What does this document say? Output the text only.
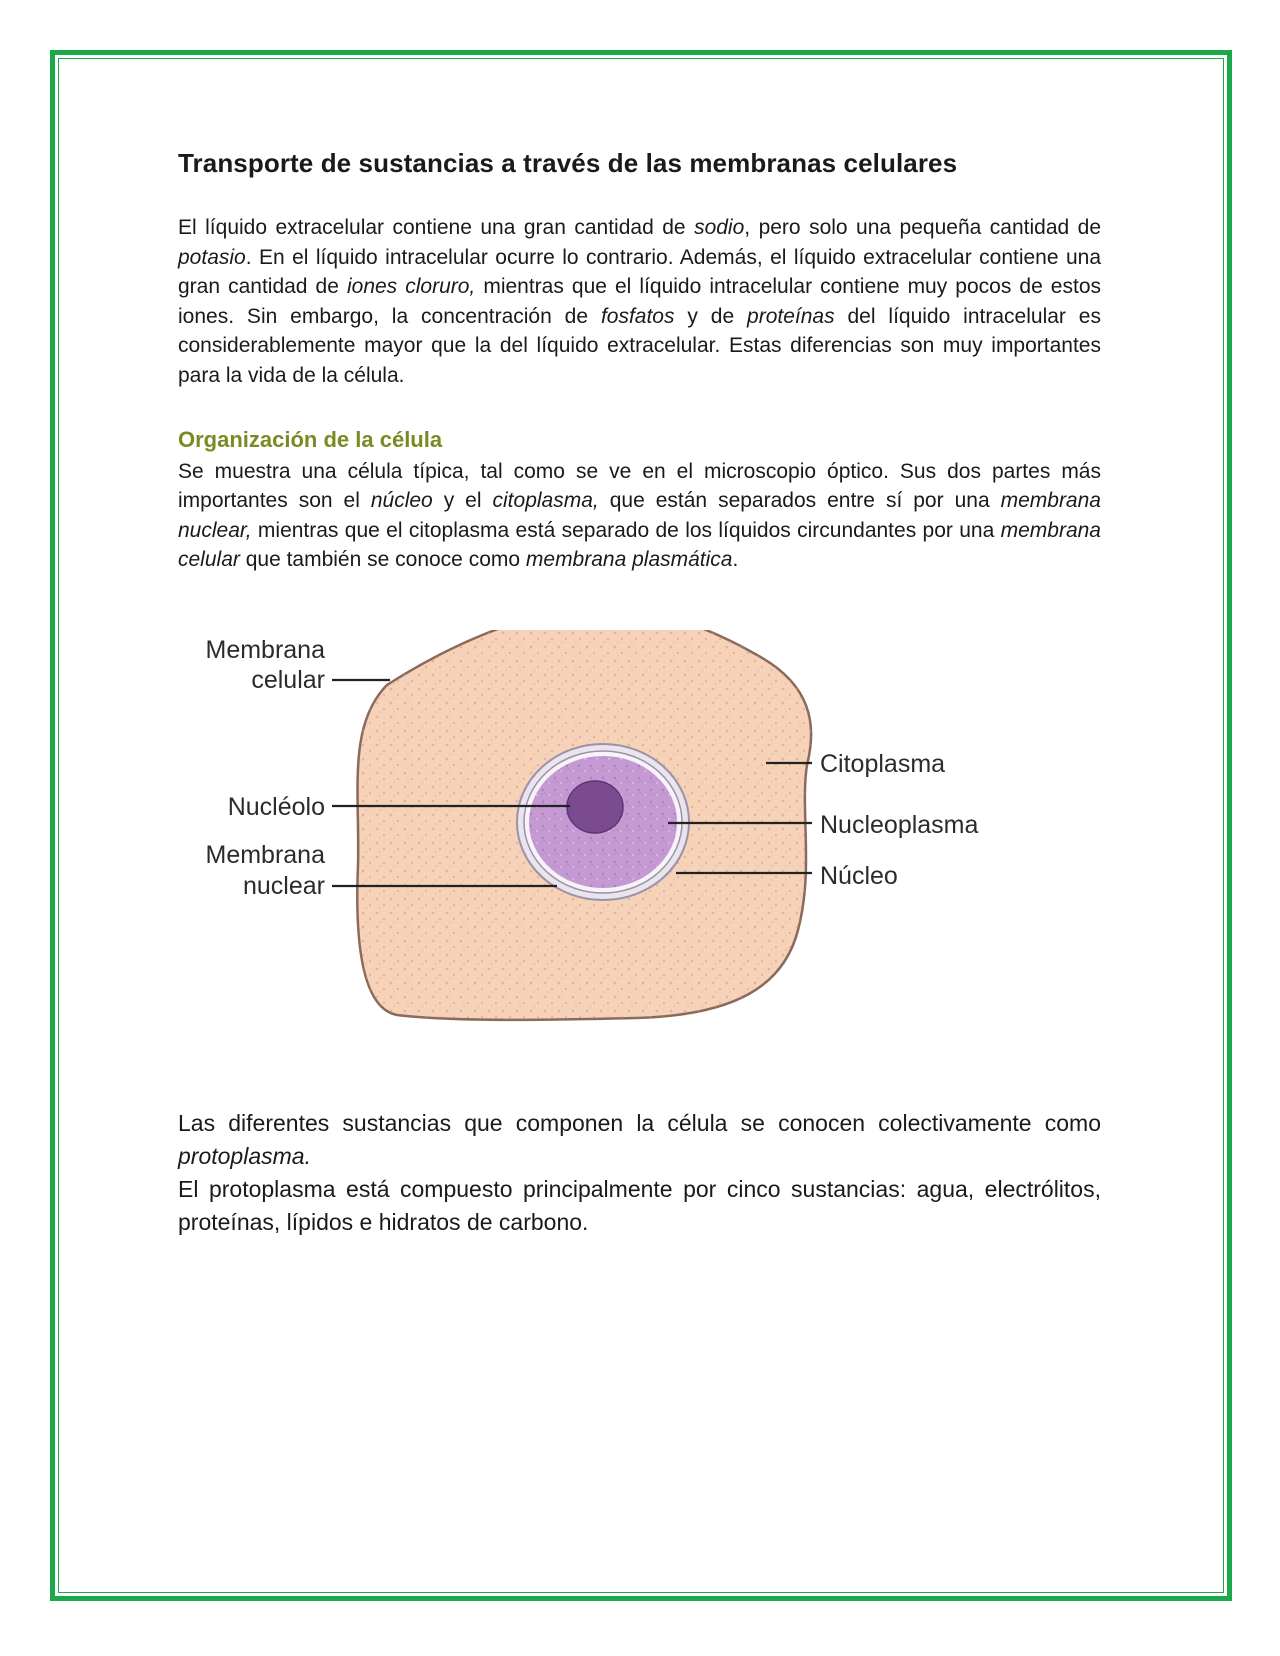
Transporte de sustancias a través de las membranas celulares

El líquido extracelular contiene una gran cantidad de sodio, pero solo una pequeña cantidad de potasio. En el líquido intracelular ocurre lo contrario. Además, el líquido extracelular contiene una gran cantidad de iones cloruro, mientras que el líquido intracelular contiene muy pocos de estos iones. Sin embargo, la concentración de fosfatos y de proteínas del líquido intracelular es considerablemente mayor que la del líquido extracelular. Estas diferencias son muy importantes para la vida de la célula.

Organización de la célula

Se muestra una célula típica, tal como se ve en el microscopio óptico. Sus dos partes más importantes son el núcleo y el citoplasma, que están separados entre sí por una membrana nuclear, mientras que el citoplasma está separado de los líquidos circundantes por una membrana celular que también se conoce como membrana plasmática.

Membrana
celular
Nucléolo
Membrana
nuclear
Citoplasma
Nucleoplasma
Núcleo

Las diferentes sustancias que componen la célula se conocen colectivamente como protoplasma.

El protoplasma está compuesto principalmente por cinco sustancias: agua, electrólitos, proteínas, lípidos e hidratos de carbono.
